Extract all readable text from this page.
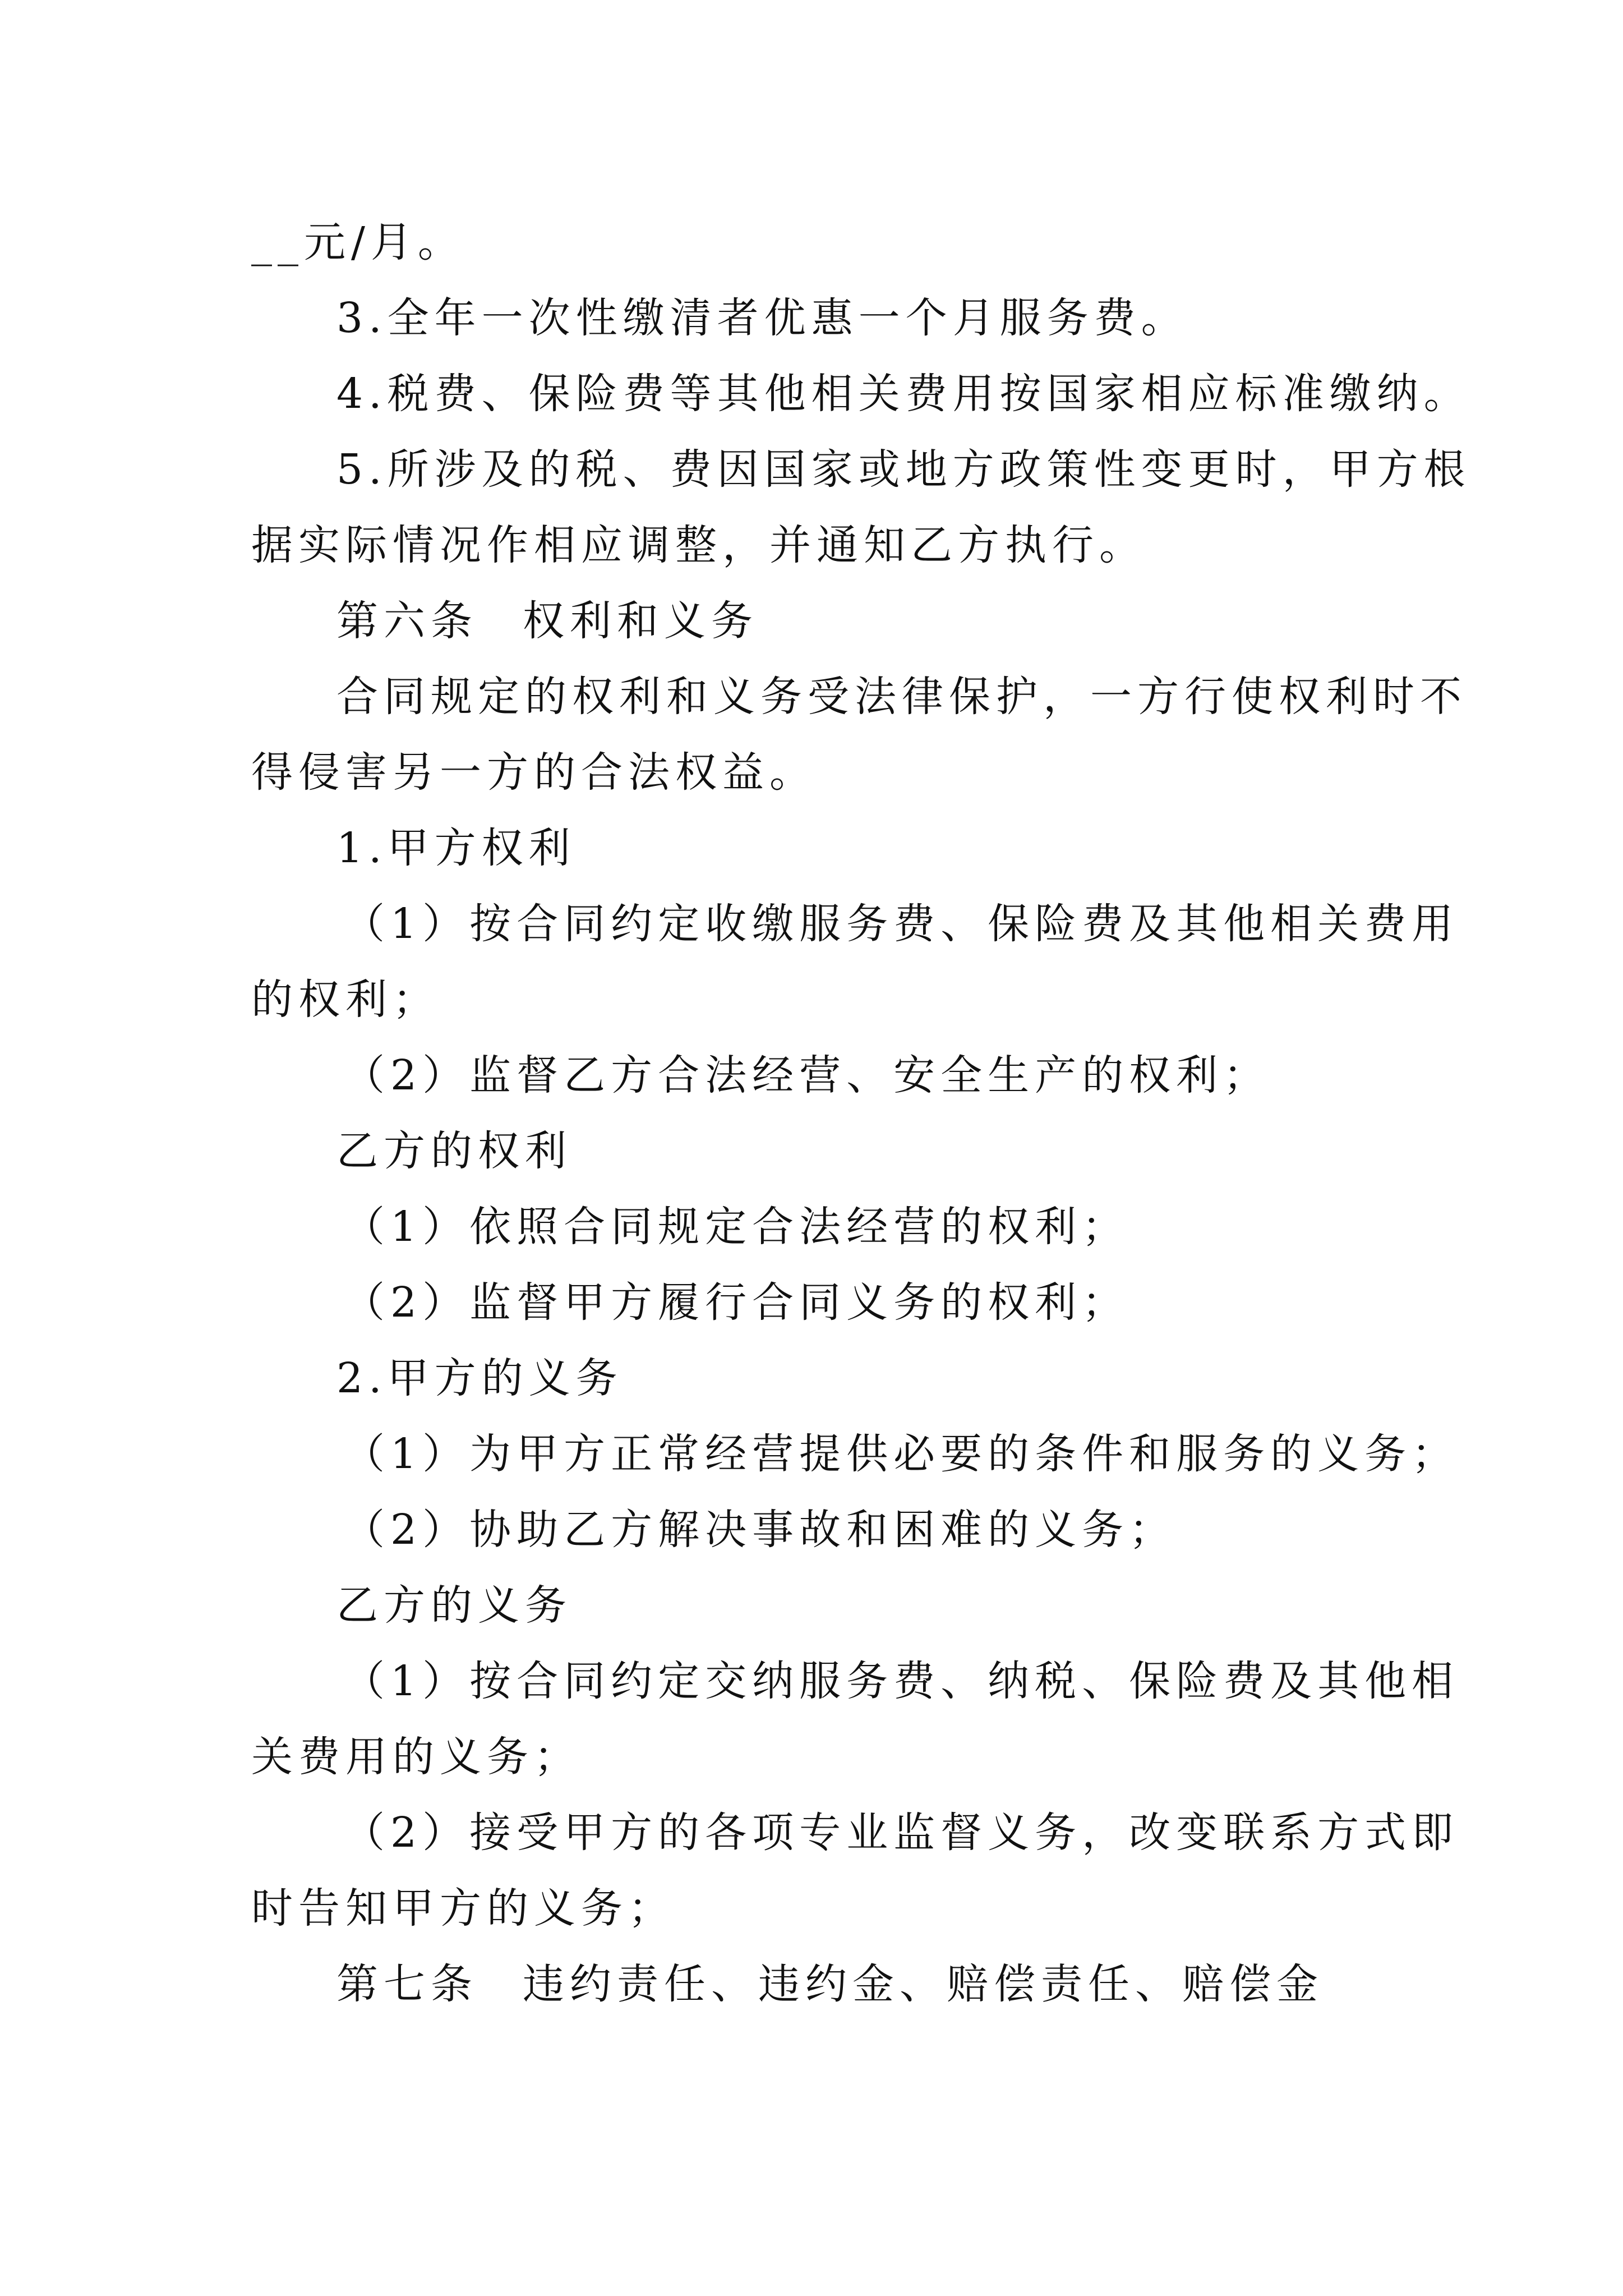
__元/月。
3.全年一次性缴清者优惠一个月服务费。
4.税费、保险费等其他相关费用按国家相应标准缴纳。
5.所涉及的税、费因国家或地方政策性变更时，甲方根
据实际情况作相应调整，并通知乙方执行。
第六条 权利和义务
合同规定的权利和义务受法律保护，一方行使权利时不
得侵害另一方的合法权益。
1.甲方权利
（1）按合同约定收缴服务费、保险费及其他相关费用
的权利；
（2）监督乙方合法经营、安全生产的权利；
乙方的权利
（1）依照合同规定合法经营的权利；
（2）监督甲方履行合同义务的权利；
2.甲方的义务
（1）为甲方正常经营提供必要的条件和服务的义务；
（2）协助乙方解决事故和困难的义务；
乙方的义务
（1）按合同约定交纳服务费、纳税、保险费及其他相
关费用的义务；
（2）接受甲方的各项专业监督义务，改变联系方式即
时告知甲方的义务；
第七条 违约责任、违约金、赔偿责任、赔偿金
